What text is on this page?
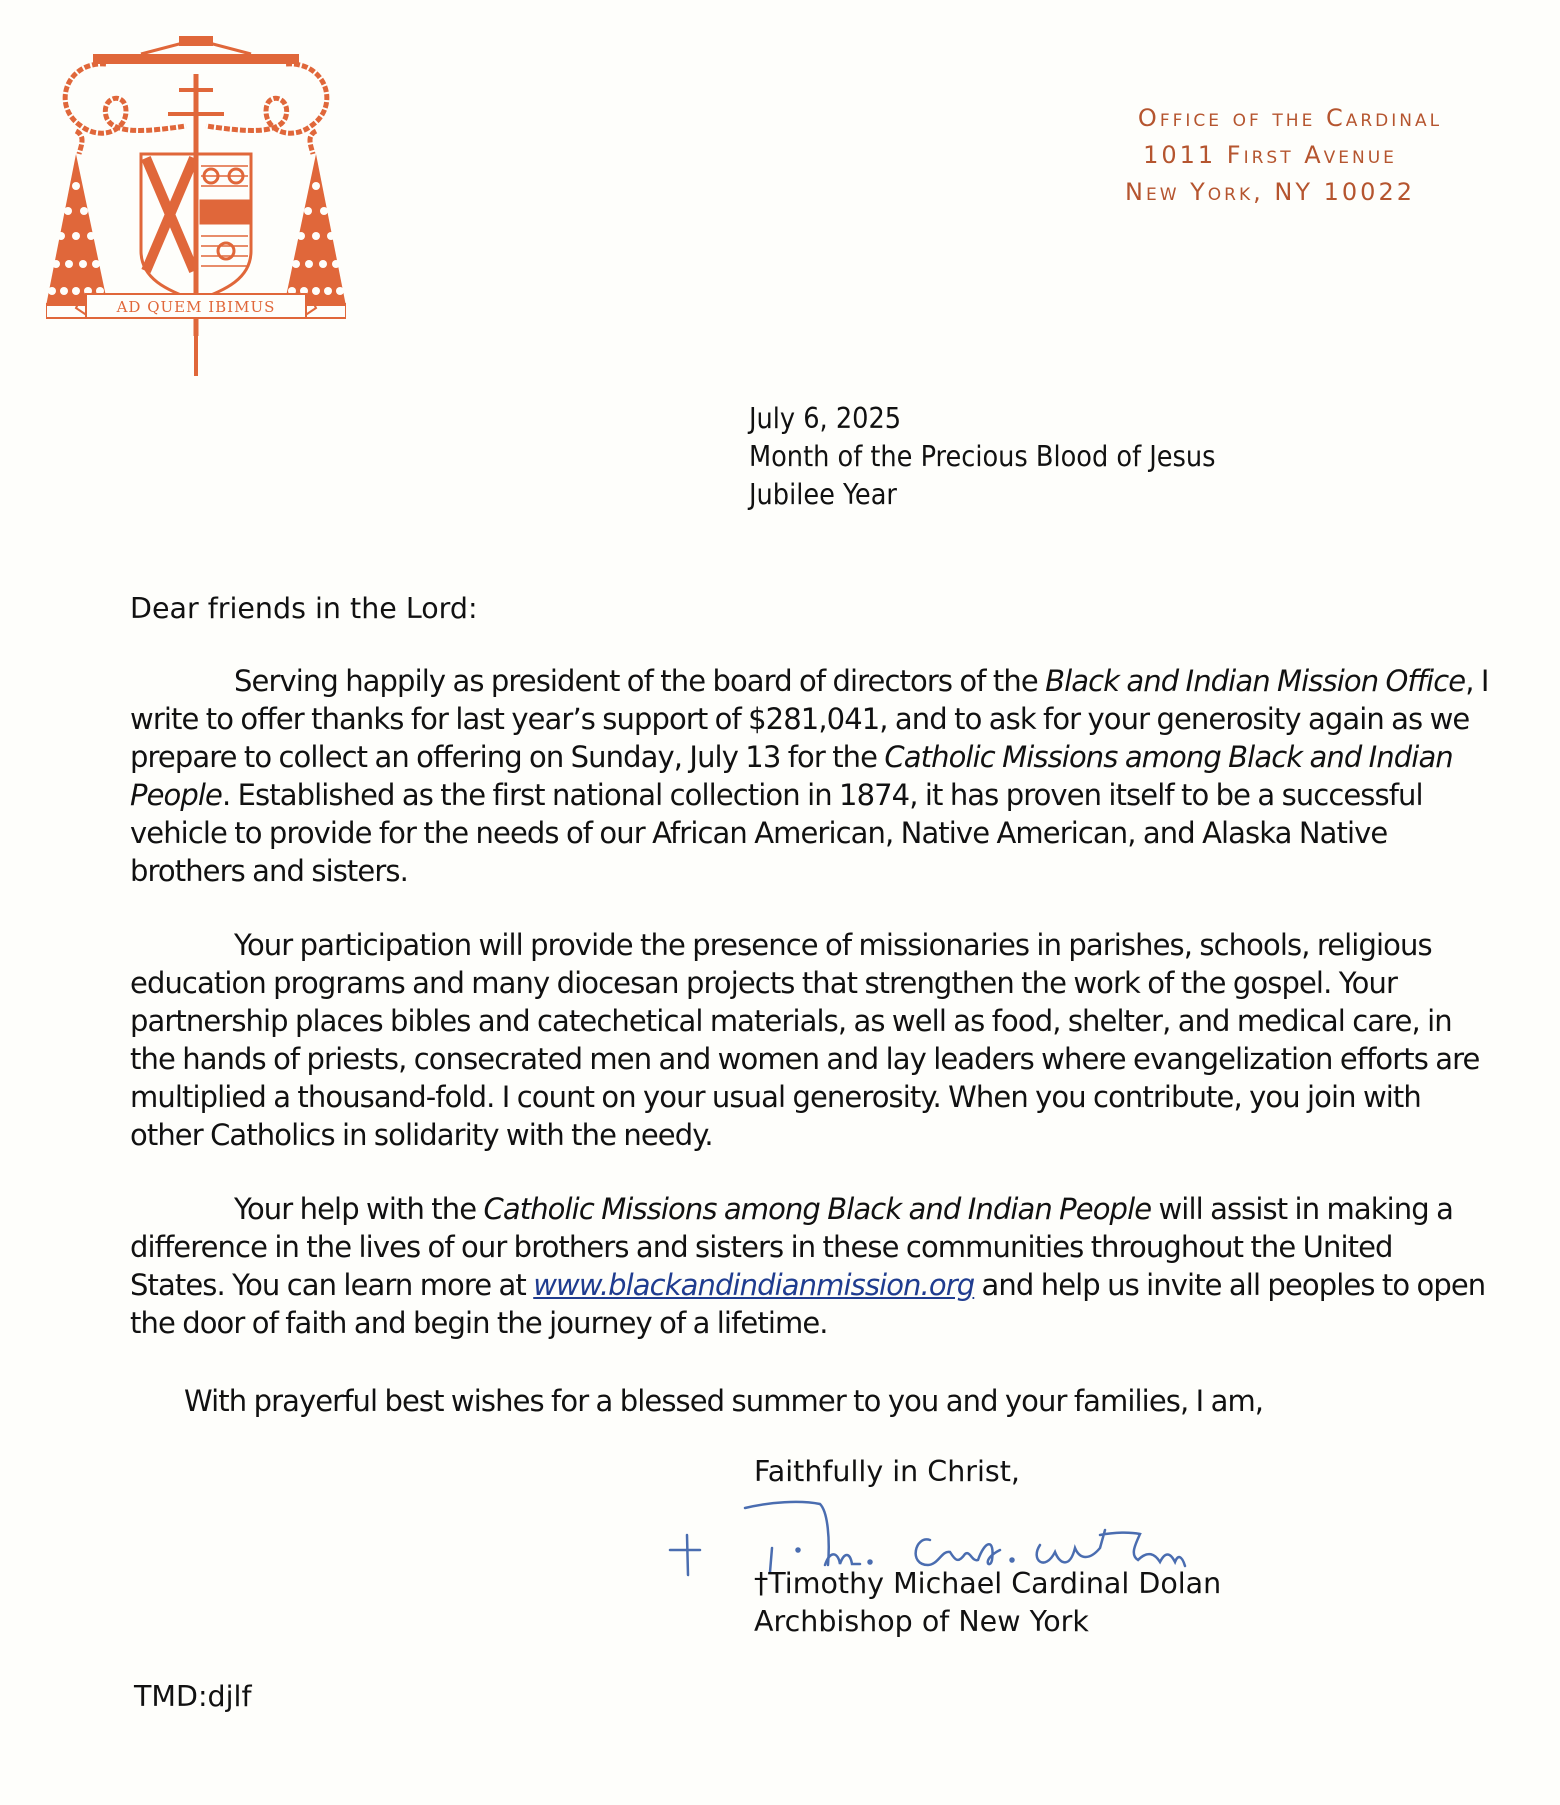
AD QUEM IBIMUS
Office of the Cardinal
1011 First Avenue
New York, NY 10022
July 6, 2025
Month of the Precious Blood of Jesus
Jubilee Year
Dear friends in the Lord:
Serving happily as president of the board of directors of the Black and Indian Mission Office, I write to offer thanks for last year’s support of $281,041, and to ask for your generosity again as we prepare to collect an offering on Sunday, July 13 for the Catholic Missions among Black and Indian People. Established as the first national collection in 1874, it has proven itself to be a successful vehicle to provide for the needs of our African American, Native American, and Alaska Native brothers and sisters.
Your participation will provide the presence of missionaries in parishes, schools, religious education programs and many diocesan projects that strengthen the work of the gospel. Your partnership places bibles and catechetical materials, as well as food, shelter, and medical care, in the hands of priests, consecrated men and women and lay leaders where evangelization efforts are multiplied a thousand-fold. I count on your usual generosity. When you contribute, you join with other Catholics in solidarity with the needy.
Your help with the Catholic Missions among Black and Indian People will assist in making a difference in the lives of our brothers and sisters in these communities throughout the United States. You can learn more at www.blackandindianmission.org and help us invite all peoples to open the door of faith and begin the journey of a lifetime.
With prayerful best wishes for a blessed summer to you and your families, I am,
Faithfully in Christ,
†Timothy Michael Cardinal Dolan
Archbishop of New York
TMD:djlf
